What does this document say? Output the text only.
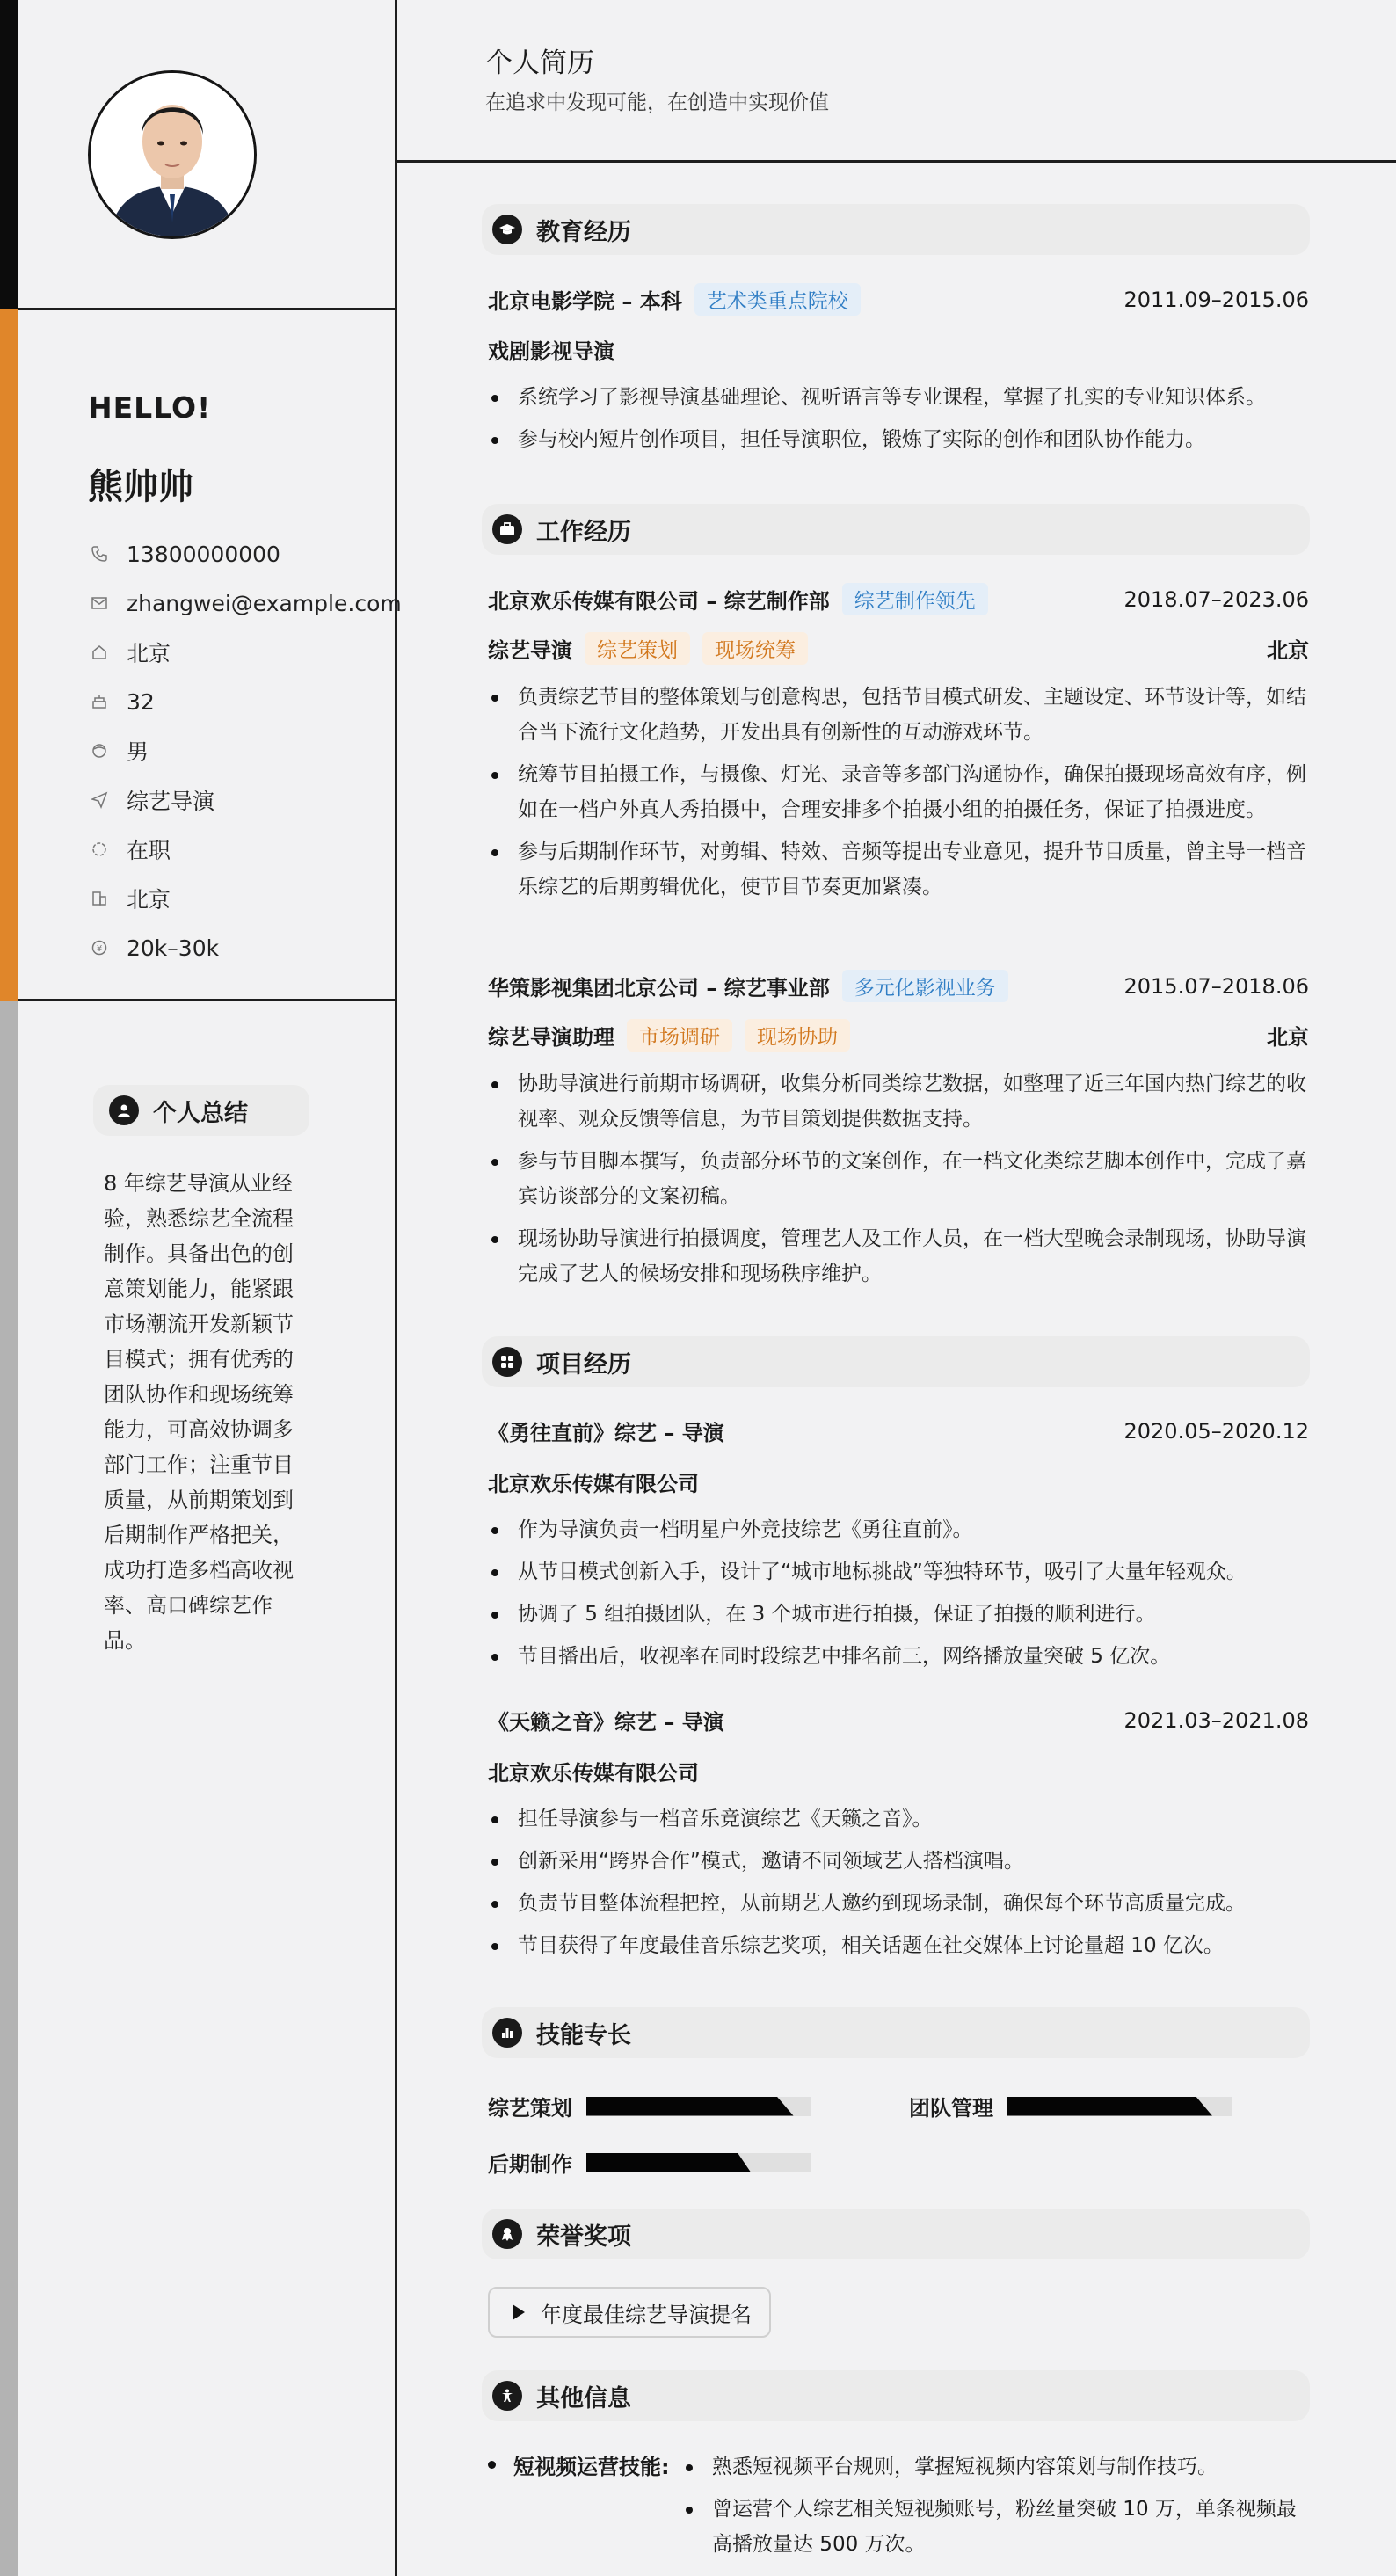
HELLO!
熊帅帅
13800000000
zhangwei@example.com
北京
32
男
综艺导演
在职
北京
¥ 20k–30k
个人总结
8 年综艺导演从业经验，熟悉综艺全流程制作。具备出色的创意策划能力，能紧跟市场潮流开发新颖节目模式；拥有优秀的团队协作和现场统筹能力，可高效协调多部门工作；注重节目质量，从前期策划到后期制作严格把关，成功打造多档高收视率、高口碑综艺作品。
个人简历
在追求中发现可能，在创造中实现价值
教育经历
北京电影学院 – 本科	艺术类重点院校	2011.09–2015.06
戏剧影视导演
系统学习了影视导演基础理论、视听语言等专业课程，掌握了扎实的专业知识体系。
参与校内短片创作项目，担任导演职位，锻炼了实际的创作和团队协作能力。
工作经历
北京欢乐传媒有限公司 – 综艺制作部	综艺制作领先	2018.07–2023.06
综艺导演	综艺策划	现场统筹	北京
负责综艺节目的整体策划与创意构思，包括节目模式研发、主题设定、环节设计等，如结合当下流行文化趋势，开发出具有创新性的互动游戏环节。
统筹节目拍摄工作，与摄像、灯光、录音等多部门沟通协作，确保拍摄现场高效有序，例如在一档户外真人秀拍摄中，合理安排多个拍摄小组的拍摄任务，保证了拍摄进度。
参与后期制作环节，对剪辑、特效、音频等提出专业意见，提升节目质量，曾主导一档音乐综艺的后期剪辑优化，使节目节奏更加紧凑。
华策影视集团北京公司 – 综艺事业部	多元化影视业务	2015.07–2018.06
综艺导演助理	市场调研	现场协助	北京
协助导演进行前期市场调研，收集分析同类综艺数据，如整理了近三年国内热门综艺的收视率、观众反馈等信息，为节目策划提供数据支持。
参与节目脚本撰写，负责部分环节的文案创作，在一档文化类综艺脚本创作中，完成了嘉宾访谈部分的文案初稿。
现场协助导演进行拍摄调度，管理艺人及工作人员，在一档大型晚会录制现场，协助导演完成了艺人的候场安排和现场秩序维护。
项目经历
《勇往直前》综艺 – 导演	2020.05–2020.12
北京欢乐传媒有限公司
作为导演负责一档明星户外竞技综艺《勇往直前》。
从节目模式创新入手，设计了“城市地标挑战”等独特环节，吸引了大量年轻观众。
协调了 5 组拍摄团队，在 3 个城市进行拍摄，保证了拍摄的顺利进行。
节目播出后，收视率在同时段综艺中排名前三，网络播放量突破 5 亿次。
《天籁之音》综艺 – 导演	2021.03–2021.08
北京欢乐传媒有限公司
担任导演参与一档音乐竞演综艺《天籁之音》。
创新采用“跨界合作”模式，邀请不同领域艺人搭档演唱。
负责节目整体流程把控，从前期艺人邀约到现场录制，确保每个环节高质量完成。
节目获得了年度最佳音乐综艺奖项，相关话题在社交媒体上讨论量超 10 亿次。
技能专长
综艺策划	团队管理
后期制作
荣誉奖项
年度最佳综艺导演提名
其他信息
短视频运营技能:	熟悉短视频平台规则，掌握短视频内容策划与制作技巧。
曾运营个人综艺相关短视频账号，粉丝量突破 10 万，单条视频最高播放量达 500 万次。
